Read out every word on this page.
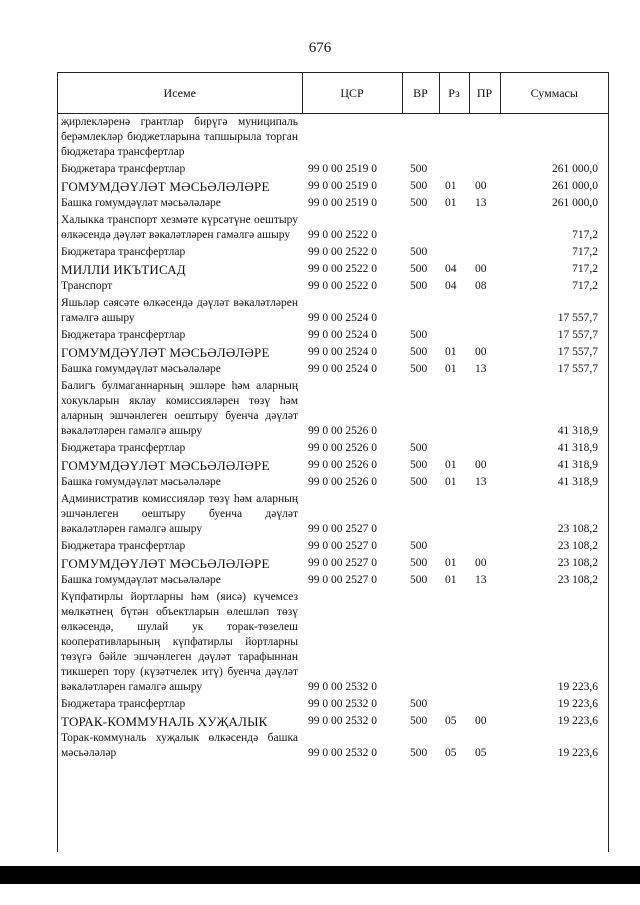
676
Исеме	ЦСР	ВР	Рз	ПР	Суммасы
җирлекләренә грантлар бирүгә муниципаль берәмлекләр бюджетларына тапшырыла торган бюджетара трансфертлар					
Бюджетара трансфертлар	99 0 00 2519 0	500			261 000,0
ГОМУМДӘҮЛӘТ МӘСЬӘЛӘЛӘРЕ	99 0 00 2519 0	500	01	00	261 000,0
Башка гомумдәүләт мәсьәләләре	99 0 00 2519 0	500	01	13	261 000,0
Халыкка транспорт хезмәте күрсәтүне оештыру өлкәсендә дәүләт вәкаләтләрен гамәлгә ашыру	99 0 00 2522 0				717,2
Бюджетара трансфертлар	99 0 00 2522 0	500			717,2
МИЛЛИ ИКЪТИСАД	99 0 00 2522 0	500	04	00	717,2
Транспорт	99 0 00 2522 0	500	04	08	717,2
Яшьләр сәясәте өлкәсендә дәүләт вәкаләтләрен гамәлгә ашыру	99 0 00 2524 0				17 557,7
Бюджетара трансфертлар	99 0 00 2524 0	500			17 557,7
ГОМУМДӘҮЛӘТ МӘСЬӘЛӘЛӘРЕ	99 0 00 2524 0	500	01	00	17 557,7
Башка гомумдәүләт мәсьәләләре	99 0 00 2524 0	500	01	13	17 557,7
Балигъ булмаганнарның эшләре һәм аларның хокукларын яклау комиссияләрен төзү һәм аларның эшчәнлеген оештыру буенча дәүләт вәкаләтләрен гамәлгә ашыру	99 0 00 2526 0				41 318,9
Бюджетара трансфертлар	99 0 00 2526 0	500			41 318,9
ГОМУМДӘҮЛӘТ МӘСЬӘЛӘЛӘРЕ	99 0 00 2526 0	500	01	00	41 318,9
Башка гомумдәүләт мәсьәләләре	99 0 00 2526 0	500	01	13	41 318,9
Административ комиссияләр төзү һәм аларның эшчәнлеген оештыру буенча дәүләт вәкаләтләрен гамәлгә ашыру	99 0 00 2527 0				23 108,2
Бюджетара трансфертлар	99 0 00 2527 0	500			23 108,2
ГОМУМДӘҮЛӘТ МӘСЬӘЛӘЛӘРЕ	99 0 00 2527 0	500	01	00	23 108,2
Башка гомумдәүләт мәсьәләләре	99 0 00 2527 0	500	01	13	23 108,2
Күпфатирлы йортларны һәм (яисә) күчемсез мөлкәтнең бүтән объектларын өлешләп төзү өлкәсендә, шулай ук торак-төзелеш кооперативларының күпфатирлы йортларны төзүгә бәйле эшчәнлеген дәүләт тарафыннан тикшереп тору (күзәтчелек итү) буенча дәүләт вәкаләтләрен гамәлгә ашыру	99 0 00 2532 0				19 223,6
Бюджетара трансфертлар	99 0 00 2532 0	500			19 223,6
ТОРАК-КОММУНАЛЬ ХУҖАЛЫК	99 0 00 2532 0	500	05	00	19 223,6
Торак-коммуналь хуҗалык өлкәсендә башка мәсьәләләр	99 0 00 2532 0	500	05	05	19 223,6
